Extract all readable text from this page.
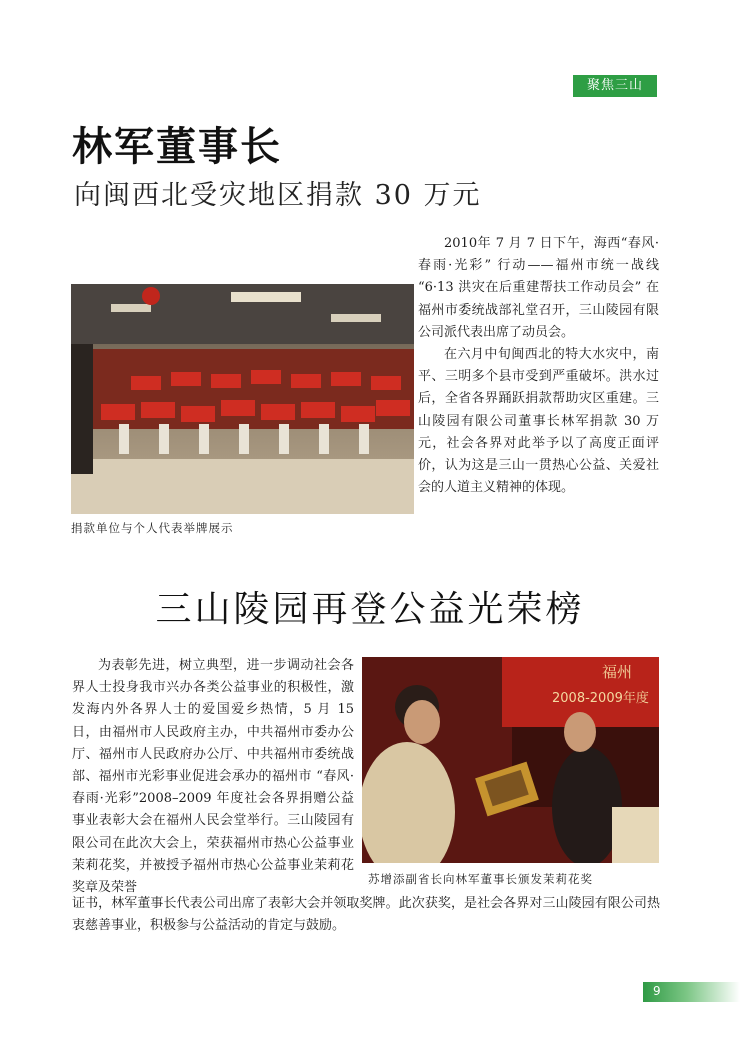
聚焦三山
林军董事长
向闽西北受灾地区捐款 30 万元
捐款单位与个人代表举牌展示

2010年 7 月 7 日下午，海西“春风·春雨·光彩” 行动——福州市统一战线 “6·13 洪灾在后重建帮扶工作动员会” 在福州市委统战部礼堂召开，三山陵园有限公司派代表出席了动员会。

在六月中旬闽西北的特大水灾中，南平、三明多个县市受到严重破坏。洪水过后，全省各界踊跃捐款帮助灾区重建。三山陵园有限公司董事长林军捐款 30 万元，社会各界对此举予以了高度正面评价，认为这是三山一贯热心公益、关爱社会的人道主义精神的体现。

三山陵园再登公益光荣榜

为表彰先进，树立典型，进一步调动社会各界人士投身我市兴办各类公益事业的积极性，激发海内外各界人士的爱国爱乡热情，5 月 15 日，由福州市人民政府主办，中共福州市委办公厅、福州市人民政府办公厅、中共福州市委统战部、福州市光彩事业促进会承办的福州市 “春风·春雨·光彩”2008–2009 年度社会各界捐赠公益事业表彰大会在福州人民会堂举行。三山陵园有限公司在此次大会上，荣获福州市热心公益事业茉莉花奖，并被授予福州市热心公益事业茉莉花奖章及荣誉

福州
2008-2009年度
苏增添副省长向林军董事长颁发茉莉花奖

证书，林军董事长代表公司出席了表彰大会并领取奖牌。此次获奖，是社会各界对三山陵园有限公司热衷慈善事业，积极参与公益活动的肯定与鼓励。

9
